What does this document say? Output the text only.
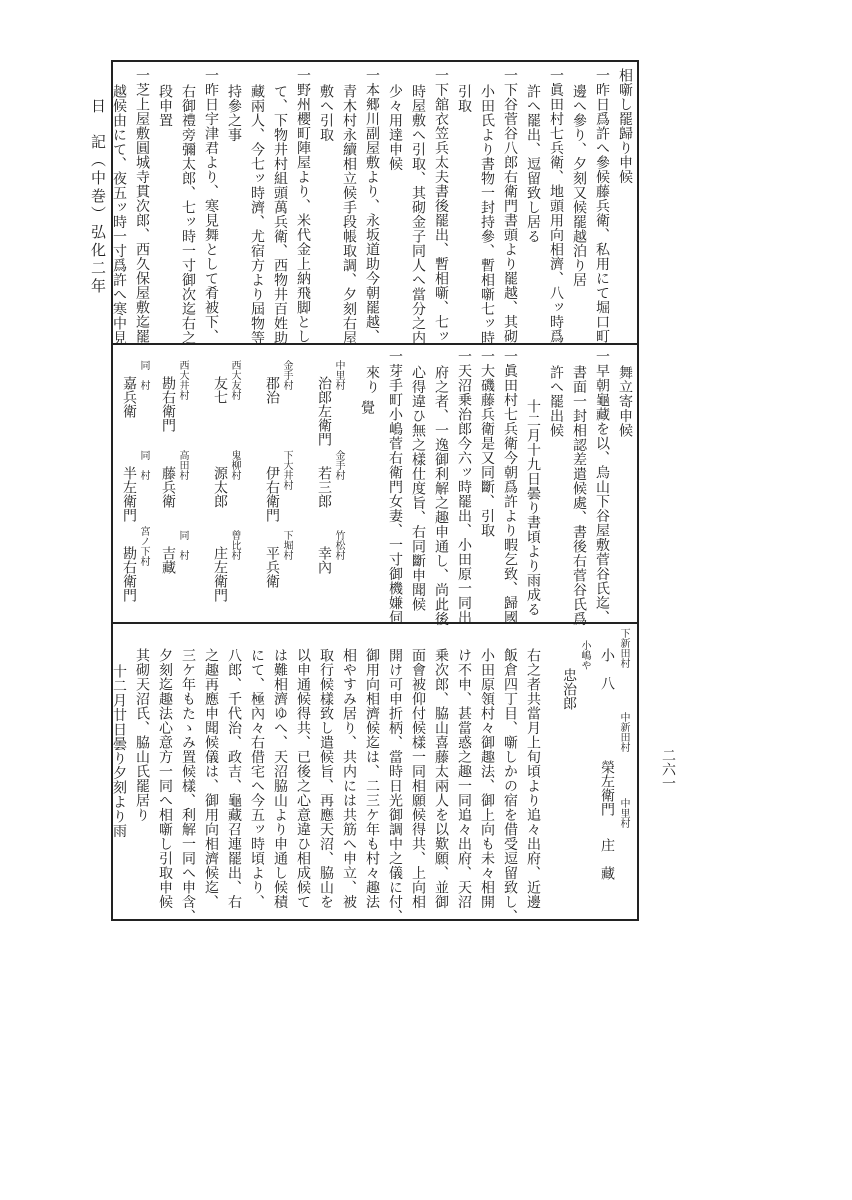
日　記（中巻）弘化二年
二六一
相噺し罷歸り申候
一昨日爲許へ參候藤兵衛、私用にて堀口町
邊へ參り、夕刻又候罷越泊り居
一眞田村七兵衛、地頭用向相濟、八ッ時爲
許へ罷出、逗留致し居る
一下谷菅谷八郎右衛門書頭より罷越、其砌
小田氏より書物一封持參、暫相噺七ッ時
引取
一下舘衣笠兵太夫書後罷出、暫相噺、七ッ
時屋敷へ引取、其砌金子同人へ當分之内
少々用達申候
一本郷川副屋敷より、永坂道助今朝罷越、
青木村永續相立候手段帳取調、夕刻右屋
敷へ引取
一野州櫻町陣屋より、米代金上納飛脚とし
て、下物井村組頭萬兵衛、西物井百姓助
藏兩人、今七ッ時濟、尤宿方より屆物等
持參之事
一昨日宇津君より、寒見舞として肴被下、
右御禮旁彌太郎、七ッ時一寸御次迄右之
段申置
一芝上屋敷圓城寺貫次郎、西久保屋敷迄罷
越候由にて、夜五ッ時一寸爲許へ寒中見
舞立寄申候
一早朝龜藏を以、烏山下谷屋敷菅谷氏迄、
書面一封相認差遣候處、書後右菅谷氏爲
許へ罷出候
十二月十九日曇り書頃より雨成る
一眞田村七兵衛今朝爲許より暇乞致、歸國
一大磯藤兵衛是又同斷、引取
一天沼乗治郎今六ッ時罷出、小田原一同出
府之者、一逸御利解之趣申通し、尚此後
心得違ひ無之樣仕度旨、右同斷申聞候
一芽手町小嶋菅右衛門女妻、一寸御機嫌伺
來り
覺
中里村
治郎左衛門
金手村
若三郎
竹松村
幸內
金手村
郡治
下大井村
伊右衛門
下堀村
平兵衛
西大友村
友七
鬼柳村
源太郎
曾比村
庄左衛門
西大井村
勘右衛門
高田村
藤兵衛
同　村
吉藏
同　村
嘉兵衛
同　村
半左衛門
宮ノ下村
勘右衛門
下新田村
小八
中新田村
榮左衛門 中里村
庄藏
小嶋や
忠治郎
右之者共當月上旬頃より追々出府、近邊
飯倉四丁目、噺しかの宿を借受逗留致し、
小田原領村々御趣法、御上向も未々相開
け不申、甚當惑之趣一同追々出府、天沼
乗次郎、脇山喜藤太兩人を以歎願、並御
面會被仰付候樣一同相願候得共、上向相
開け可申折柄、當時日光御調中之儀に付、
御用向相濟候迄は、二三ケ年も村々趣法
相やすみ居り、共内には共筋へ申立、被
取行候樣致し遣候旨、再應天沼、脇山を
以申通候得共、已後之心意違ひ相成候て
は難相濟ゆへ、天沼脇山より申通し候積
にて、極內々右借宅へ今五ッ時頃より、
八郎、千代治、政吉、龜藏召連罷出、右
之趣再應申聞候儀は、御用向相濟候迄、
三ケ年もたゝみ置候樣、利解一同へ申含、
夕刻迄趣法心意方一同へ相噺し引取申候
其砌天沼氏、脇山氏罷居り
十二月廿日曇り夕刻より雨
